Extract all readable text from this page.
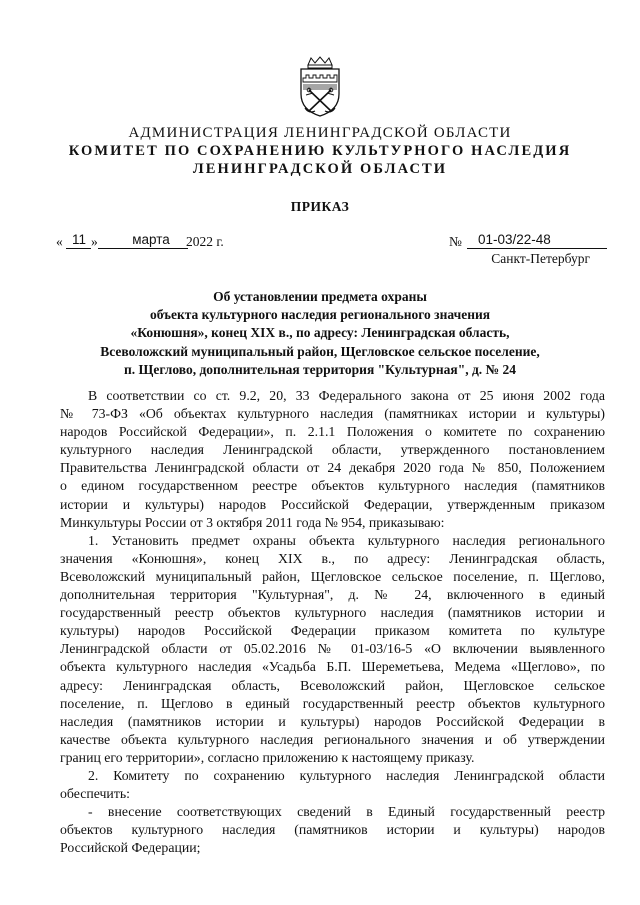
АДМИНИСТРАЦИЯ ЛЕНИНГРАДСКОЙ ОБЛАСТИ
КОМИТЕТ ПО СОХРАНЕНИЮ КУЛЬТУРНОГО НАСЛЕДИЯ
ЛЕНИНГРАДСКОЙ ОБЛАСТИ
ПРИКАЗ
« 11 »	марта	2022 г.	№ 01-03/22-48
Санкт-Петербург
Об установлении предмета охраны
объекта культурного наследия регионального значения
«Конюшня», конец XIX в., по адресу: Ленинградская область,
Всеволожский муниципальный район, Щегловское сельское поселение,
п. Щеглово, дополнительная территория "Культурная", д. № 24
В соответствии со ст. 9.2, 20, 33 Федерального закона от 25 июня 2002 года
№ 73-ФЗ «Об объектах культурного наследия (памятниках истории и культуры)
народов Российской Федерации», п. 2.1.1 Положения о комитете по сохранению
культурного наследия Ленинградской области, утвержденного постановлением
Правительства Ленинградской области от 24 декабря 2020 года № 850, Положением
о едином государственном реестре объектов культурного наследия (памятников
истории и культуры) народов Российской Федерации, утвержденным приказом
Минкультуры России от 3 октября 2011 года № 954, приказываю:
1. Установить предмет охраны объекта культурного наследия регионального
значения «Конюшня», конец XIX в., по адресу: Ленинградская область,
Всеволожский муниципальный район, Щегловское сельское поселение, п. Щеглово,
дополнительная территория "Культурная", д. № 24, включенного в единый
государственный реестр объектов культурного наследия (памятников истории и
культуры) народов Российской Федерации приказом комитета по культуре
Ленинградской области от 05.02.2016 № 01-03/16-5 «О включении выявленного
объекта культурного наследия «Усадьба Б.П. Шереметьева, Медема «Щеглово», по
адресу: Ленинградская область, Всеволожский район, Щегловское сельское
поселение, п. Щеглово в единый государственный реестр объектов культурного
наследия (памятников истории и культуры) народов Российской Федерации в
качестве объекта культурного наследия регионального значения и об утверждении
границ его территории», согласно приложению к настоящему приказу.
2. Комитету по сохранению культурного наследия Ленинградской области
обеспечить:
- внесение соответствующих сведений в Единый государственный реестр
объектов культурного наследия (памятников истории и культуры) народов
Российской Федерации;
